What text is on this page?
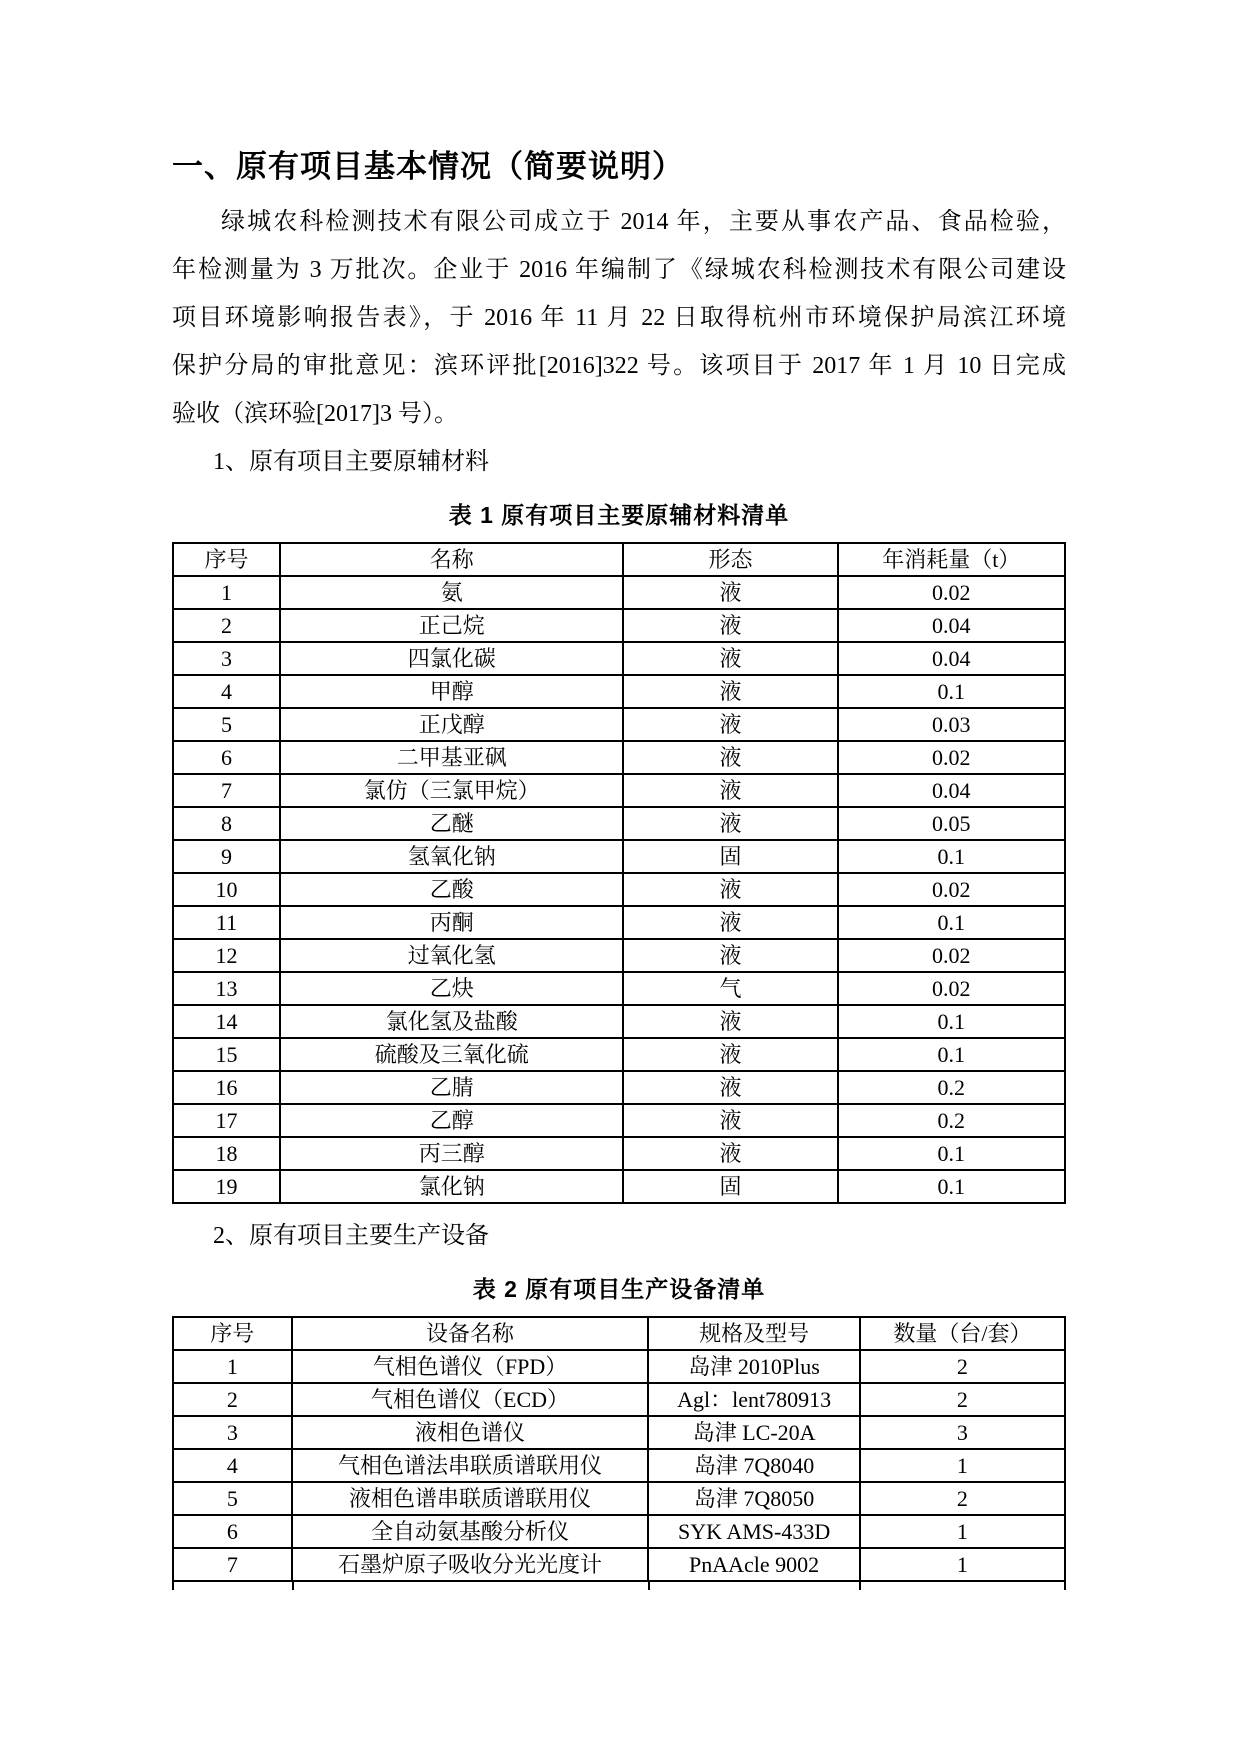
一、原有项目基本情况（简要说明）
绿城农科检测技术有限公司成立于 2014 年，主要从事农产品、食品检验，
年检测量为 3 万批次。企业于 2016 年编制了《绿城农科检测技术有限公司建设
项目环境影响报告表》，于 2016 年 11 月 22 日取得杭州市环境保护局滨江环境
保护分局的审批意见：滨环评批[2016]322 号。该项目于 2017 年 1 月 10 日完成
验收（滨环验[2017]3 号）。
1、原有项目主要原辅材料
表 1 原有项目主要原辅材料清单
序号	名称	形态	年消耗量（t）
1	氨	液	0.02
2	正己烷	液	0.04
3	四氯化碳	液	0.04
4	甲醇	液	0.1
5	正戊醇	液	0.03
6	二甲基亚砜	液	0.02
7	氯仿（三氯甲烷）	液	0.04
8	乙醚	液	0.05
9	氢氧化钠	固	0.1
10	乙酸	液	0.02
11	丙酮	液	0.1
12	过氧化氢	液	0.02
13	乙炔	气	0.02
14	氯化氢及盐酸	液	0.1
15	硫酸及三氧化硫	液	0.1
16	乙腈	液	0.2
17	乙醇	液	0.2
18	丙三醇	液	0.1
19	氯化钠	固	0.1
2、原有项目主要生产设备
表 2 原有项目生产设备清单
序号	设备名称	规格及型号	数量（台/套）
1	气相色谱仪（FPD）	岛津 2010Plus	2
2	气相色谱仪（ECD）	Agl：lent780913	2
3	液相色谱仪	岛津 LC-20A	3
4	气相色谱法串联质谱联用仪	岛津 7Q8040	1
5	液相色谱串联质谱联用仪	岛津 7Q8050	2
6	全自动氨基酸分析仪	SYK AMS-433D	1
7	石墨炉原子吸收分光光度计	PnAAcle 9002	1
